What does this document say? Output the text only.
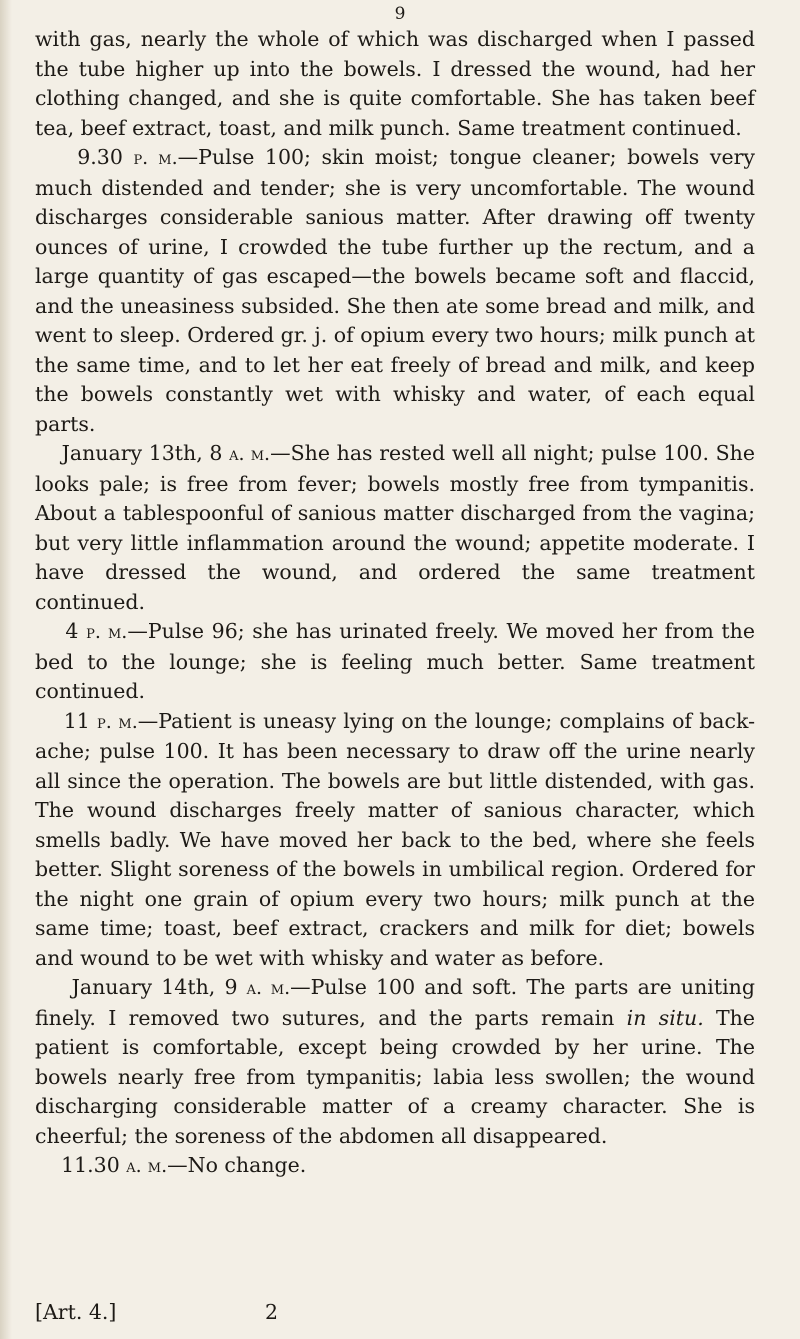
9

with gas, nearly the whole of which was discharged when I passed the tube higher up into the bowels. I dressed the wound, had her clothing changed, and she is quite comfortable. She has taken beef tea, beef extract, toast, and milk punch. Same treatment continued.

9.30 p. m.—Pulse 100; skin moist; tongue cleaner; bowels very much distended and tender; she is very uncomfortable. The wound discharges considerable sanious matter. After drawing off twenty ounces of urine, I crowded the tube further up the rectum, and a large quantity of gas escaped—the bowels became soft and flaccid, and the uneasiness subsided. She then ate some bread and milk, and went to sleep. Ordered gr. j. of opium every two hours; milk punch at the same time, and to let her eat freely of bread and milk, and keep the bowels constantly wet with whisky and water, of each equal parts.

January 13th, 8 a. m.—She has rested well all night; pulse 100. She looks pale; is free from fever; bowels mostly free from tympanitis. About a tablespoonful of sanious matter discharged from the vagina; but very little inflammation around the wound; appetite moderate. I have dressed the wound, and ordered the same treatment continued.

4 p. m.—Pulse 96; she has urinated freely. We moved her from the bed to the lounge; she is feeling much better. Same treatment continued.

11 p. m.—Patient is uneasy lying on the lounge; complains of back-ache; pulse 100. It has been necessary to draw off the urine nearly all since the operation. The bowels are but little distended, with gas. The wound discharges freely matter of sanious character, which smells badly. We have moved her back to the bed, where she feels better. Slight soreness of the bowels in umbilical region. Ordered for the night one grain of opium every two hours; milk punch at the same time; toast, beef extract, crackers and milk for diet; bowels and wound to be wet with whisky and water as before.

January 14th, 9 a. m.—Pulse 100 and soft. The parts are uniting finely. I removed two sutures, and the parts remain in situ. The patient is comfortable, except being crowded by her urine. The bowels nearly free from tympanitis; labia less swollen; the wound discharging considerable matter of a creamy character. She is cheerful; the soreness of the abdomen all disappeared.

11.30 a. m.—No change.

[Art. 4.]	2
